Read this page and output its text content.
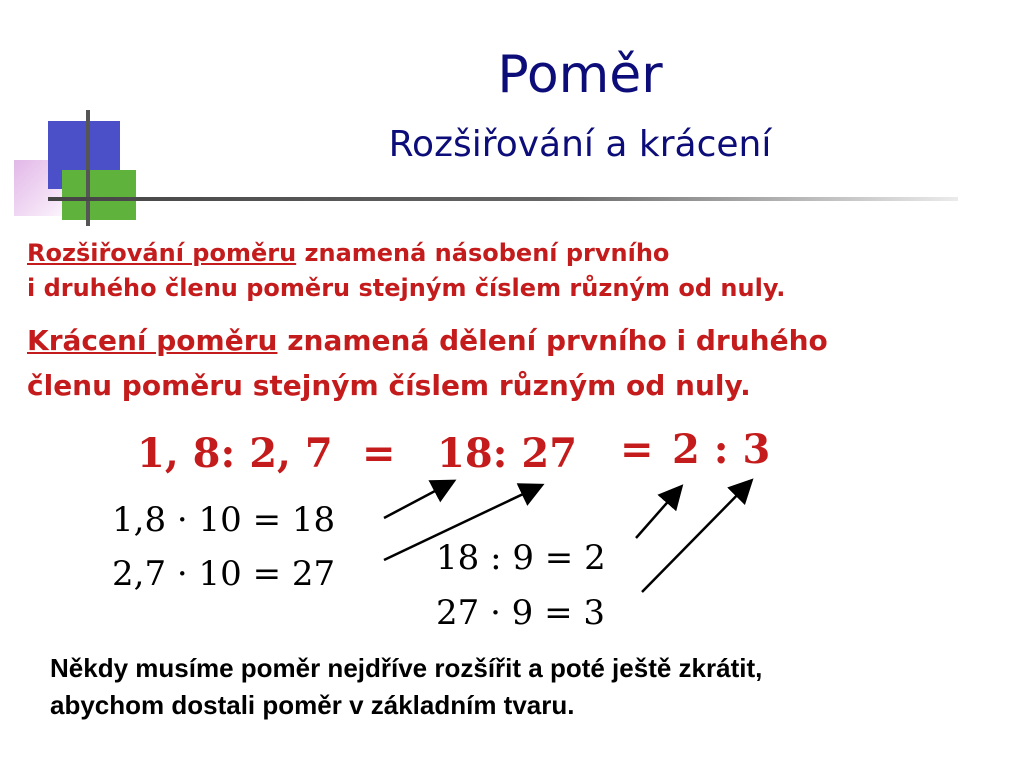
Poměr
Rozšiřování a krácení
Rozšiřování poměru znamená násobení prvního
i druhého členu poměru stejným číslem různým od nuly.
Krácení poměru znamená dělení prvního i druhého
členu poměru stejným číslem různým od nuly.
1, 8: 2, 7 = 18: 27 = 2 : 3
1,8 · 10 = 18
2,7 · 10 = 27	18 : 9 = 2
27 · 9 = 3
Někdy musíme poměr nejdříve rozšířit a poté ještě zkrátit,
abychom dostali poměr v základním tvaru.
